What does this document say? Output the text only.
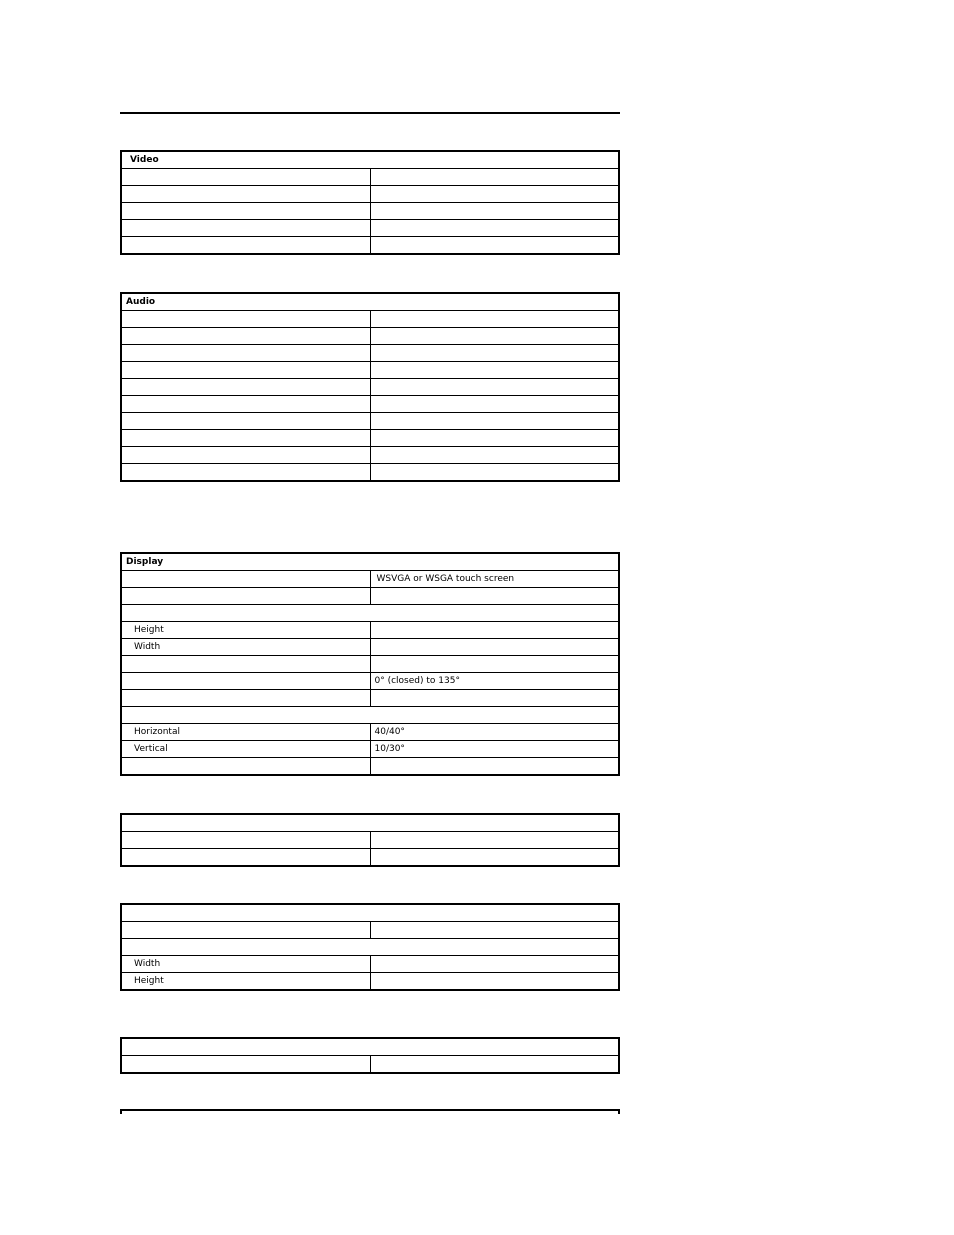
Video	

Audio	

Display	
	WSVGA or WSGA touch screen

Height	
Width	

	0° (closed) to 135°

Horizontal	40/40°
Vertical	10/30°

Width	
Height	
